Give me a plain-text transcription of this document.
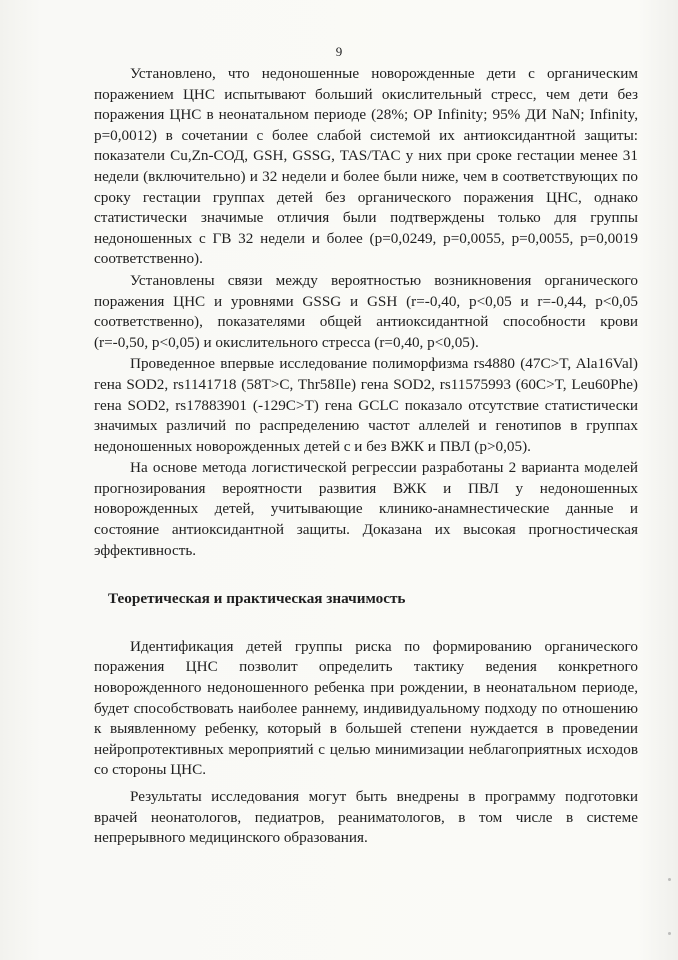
9

Установлено, что недоношенные новорожденные дети с органическим поражением ЦНС испытывают больший окислительный стресс, чем дети без поражения ЦНС в неонатальном периоде (28%; ОР Infinity; 95% ДИ NaN; Infinity, p=0,0012) в сочетании с более слабой системой их антиоксидантной защиты: показатели Cu,Zn-СОД, GSH, GSSG, TAS/TAC у них при сроке гестации менее 31 недели (включительно) и 32 недели и более были ниже, чем в соответствующих по сроку гестации группах детей без органического поражения ЦНС, однако статистически значимые отличия были подтверждены только для группы недоношенных с ГВ 32 недели и более (p=0,0249, p=0,0055, p=0,0055, p=0,0019 соответственно).

Установлены связи между вероятностью возникновения органического поражения ЦНС и уровнями GSSG и GSH (r=-0,40, p<0,05 и r=-0,44, p<0,05 соответственно), показателями общей антиоксидантной способности крови (r=-0,50, p<0,05) и окислительного стресса (r=0,40, p<0,05).

Проведенное впервые исследование полиморфизма rs4880 (47C>T, Ala16Val) гена SOD2, rs1141718 (58T>C, Thr58Ile) гена SOD2, rs11575993 (60C>T, Leu60Phe) гена SOD2, rs17883901 (-129C>T) гена GCLC показало отсутствие статистически значимых различий по распределению частот аллелей и генотипов в группах недоношенных новорожденных детей с и без ВЖК и ПВЛ (p>0,05).

На основе метода логистической регрессии разработаны 2 варианта моделей прогнозирования вероятности развития ВЖК и ПВЛ у недоношенных новорожденных детей, учитывающие клинико-анамнестические данные и состояние антиоксидантной защиты. Доказана их высокая прогностическая эффективность.

Теоретическая и практическая значимость

Идентификация детей группы риска по формированию органического поражения ЦНС позволит определить тактику ведения конкретного новорожденного недоношенного ребенка при рождении, в неонатальном периоде, будет способствовать наиболее раннему, индивидуальному подходу по отношению к выявленному ребенку, который в большей степени нуждается в проведении нейропротективных мероприятий с целью минимизации неблагоприятных исходов со стороны ЦНС.

Результаты исследования могут быть внедрены в программу подготовки врачей неонатологов, педиатров, реаниматологов, в том числе в системе непрерывного медицинского образования.
